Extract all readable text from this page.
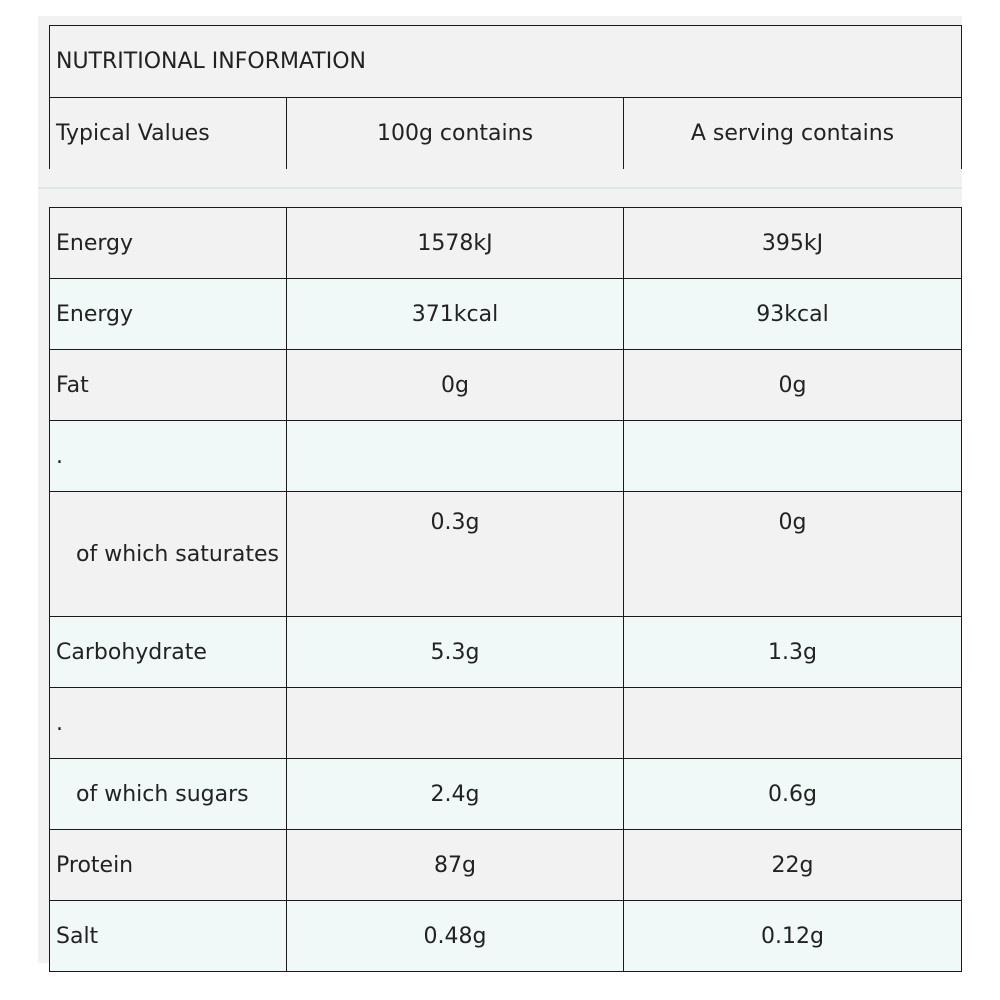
NUTRITIONAL INFORMATION
Typical Values	100g contains	A serving contains
Energy	1578kJ	395kJ
Energy	371kcal	93kcal
Fat	0g	0g
.		
of which saturates	0.3g	0g
Carbohydrate	5.3g	1.3g
.		
of which sugars	2.4g	0.6g
Protein	87g	22g
Salt	0.48g	0.12g
